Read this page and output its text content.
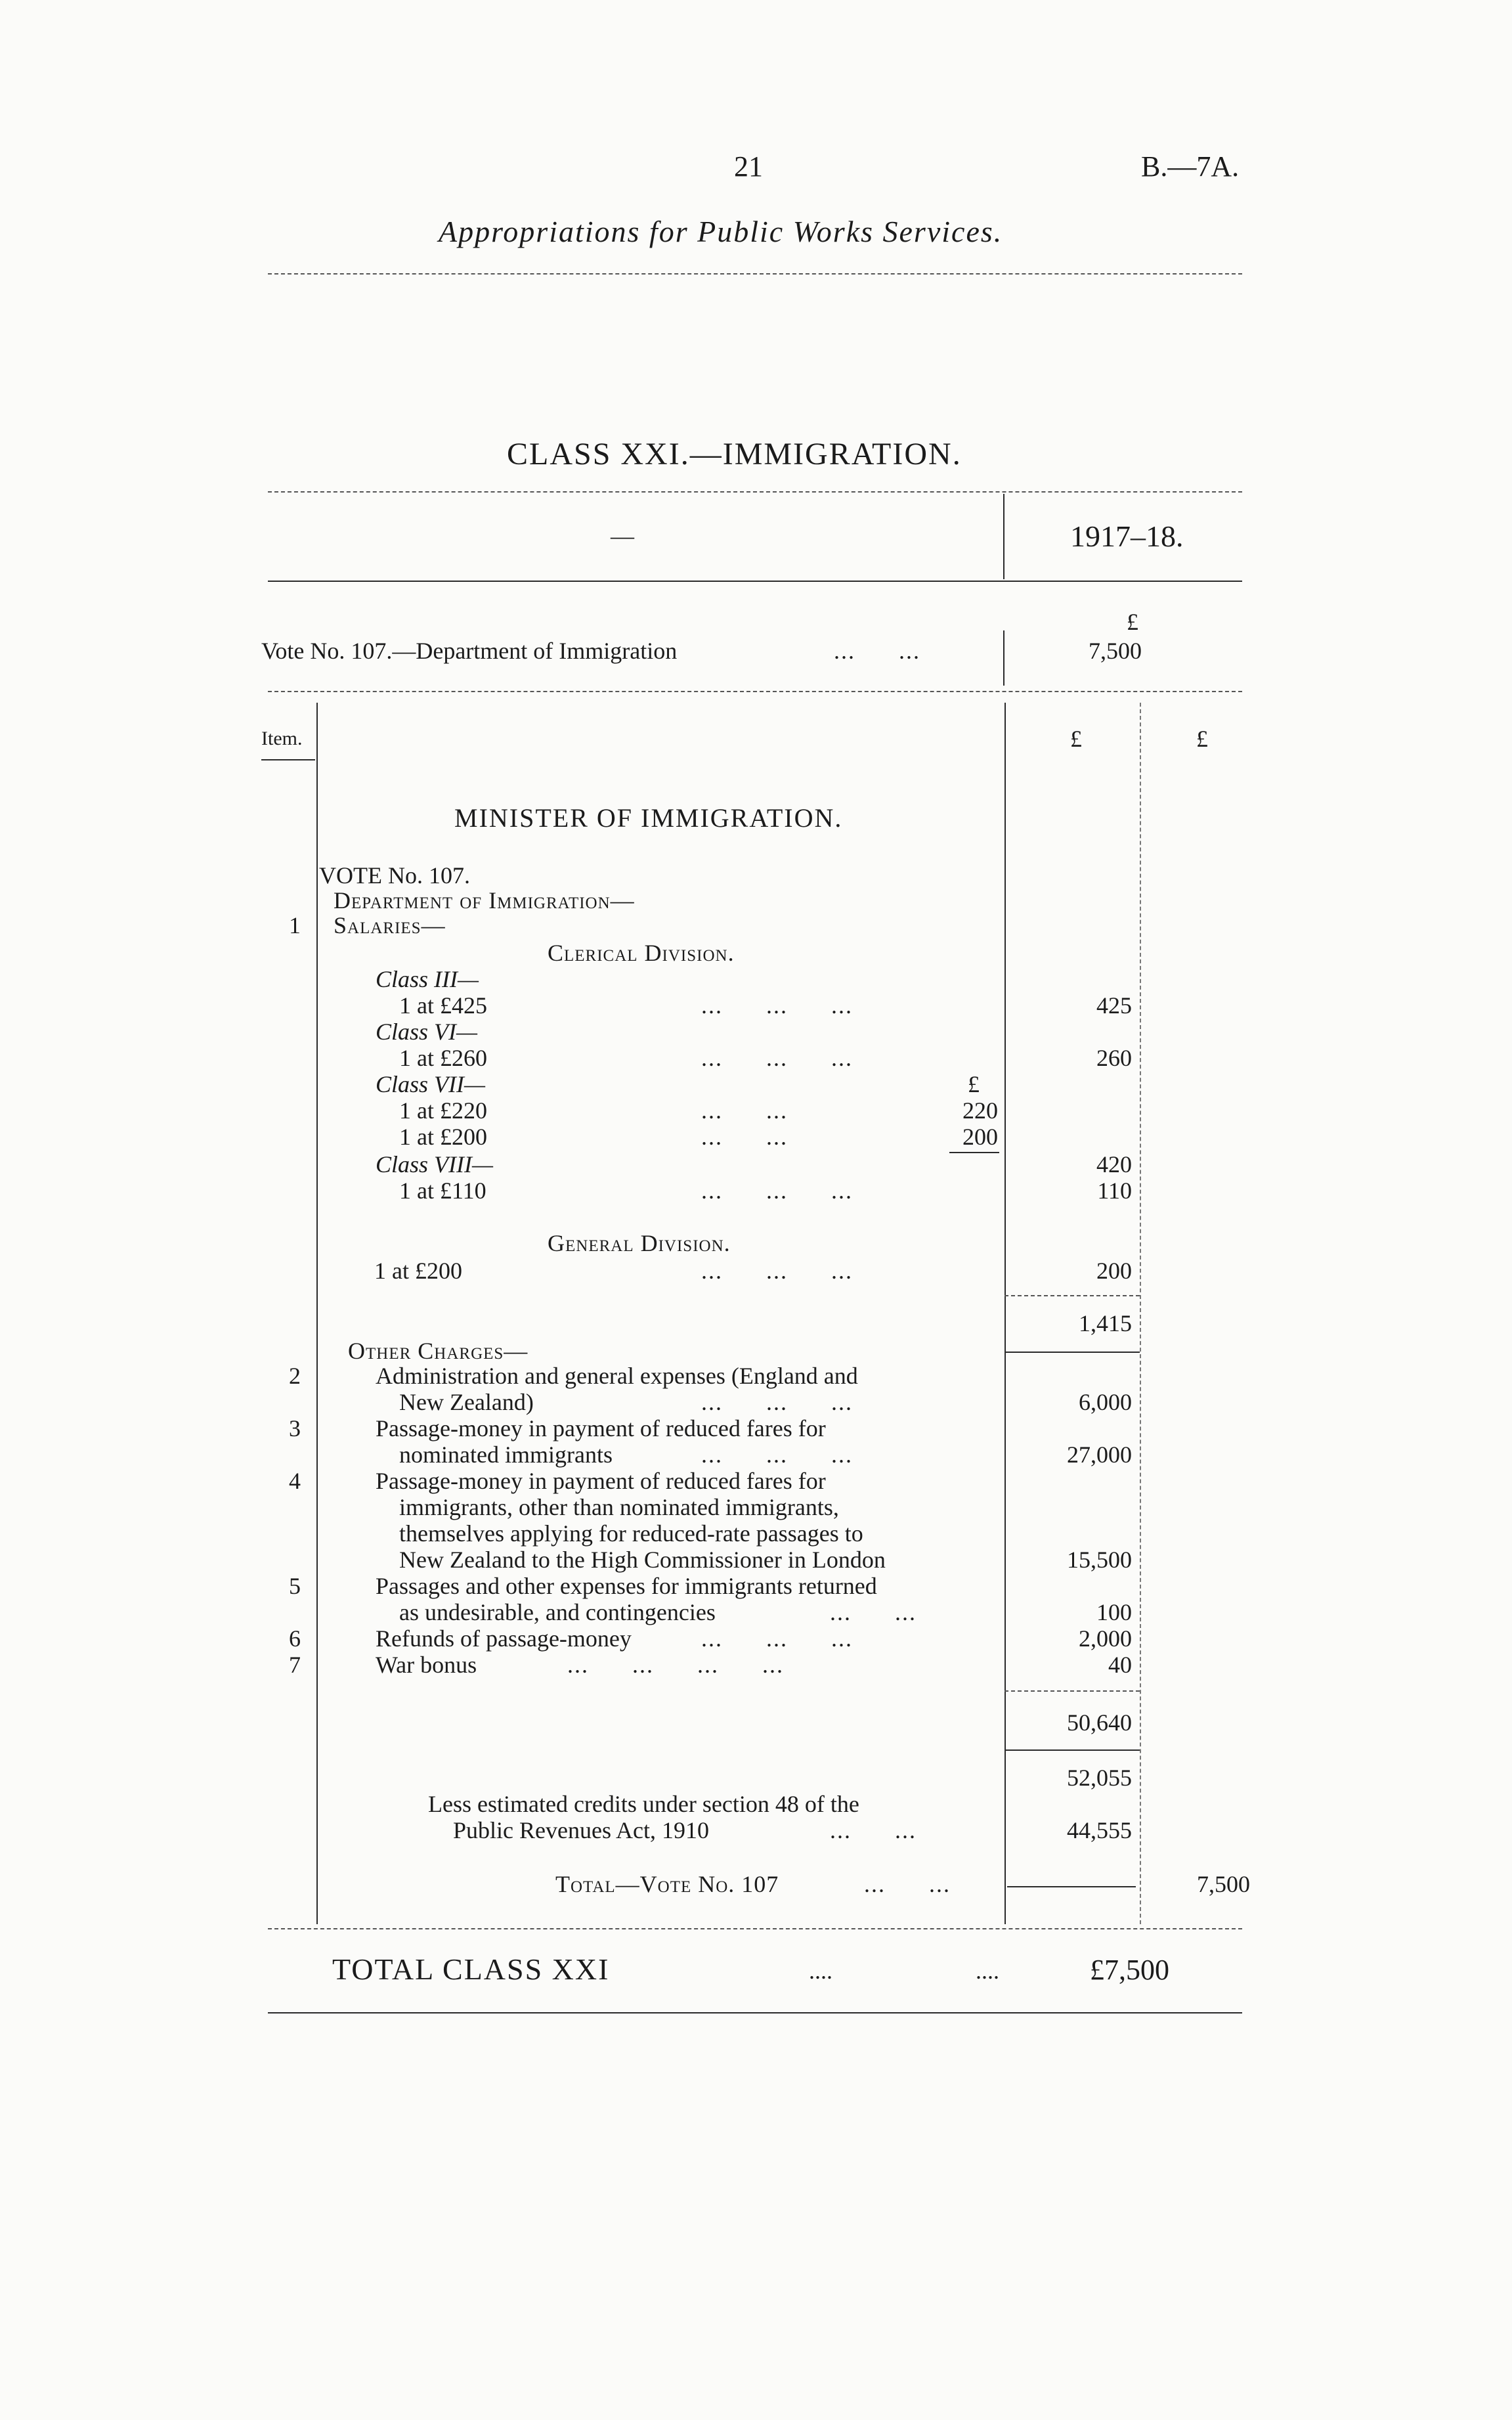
21	B.—7A.
Appropriations for Public Works Services.
CLASS XXI.—IMMIGRATION.
—	1917–18.
£
Vote No. 107.—Department of Immigration	...      ...	7,500
Item.	£	£
MINISTER OF IMMIGRATION.
VOTE No. 107.
Department of Immigration—
1 Salaries—
Clerical Division.
Class III—
1 at £425	...      ...      ...	425
Class VI—
1 at £260	...      ...      ...	260
Class VII—	£
1 at £220	...      ...	220
1 at £200	...      ...	200
Class VIII—	420
1 at £110	...      ...      ...	110
General Division.
1 at £200	...      ...      ...	200
1,415
Other Charges—
2	Administration and general expenses (England and
New Zealand)	...      ...      ...	6,000
3	Passage-money in payment of reduced fares for
nominated immigrants	...      ...      ...	27,000
4	Passage-money in payment of reduced fares for
immigrants, other than nominated immigrants,
themselves applying for reduced-rate passages to
New Zealand to the High Commissioner in London	15,500
5	Passages and other expenses for immigrants returned
as undesirable, and contingencies	...      ...	100
6	Refunds of passage-money	...      ...      ...	2,000
7	War bonus	...      ...      ...      ...	40
50,640
52,055
Less estimated credits under section 48 of the
Public Revenues Act, 1910	...      ...	44,555
Total—Vote No. 107	...      ...	7,500
TOTAL CLASS XXI	....	....	£7,500
